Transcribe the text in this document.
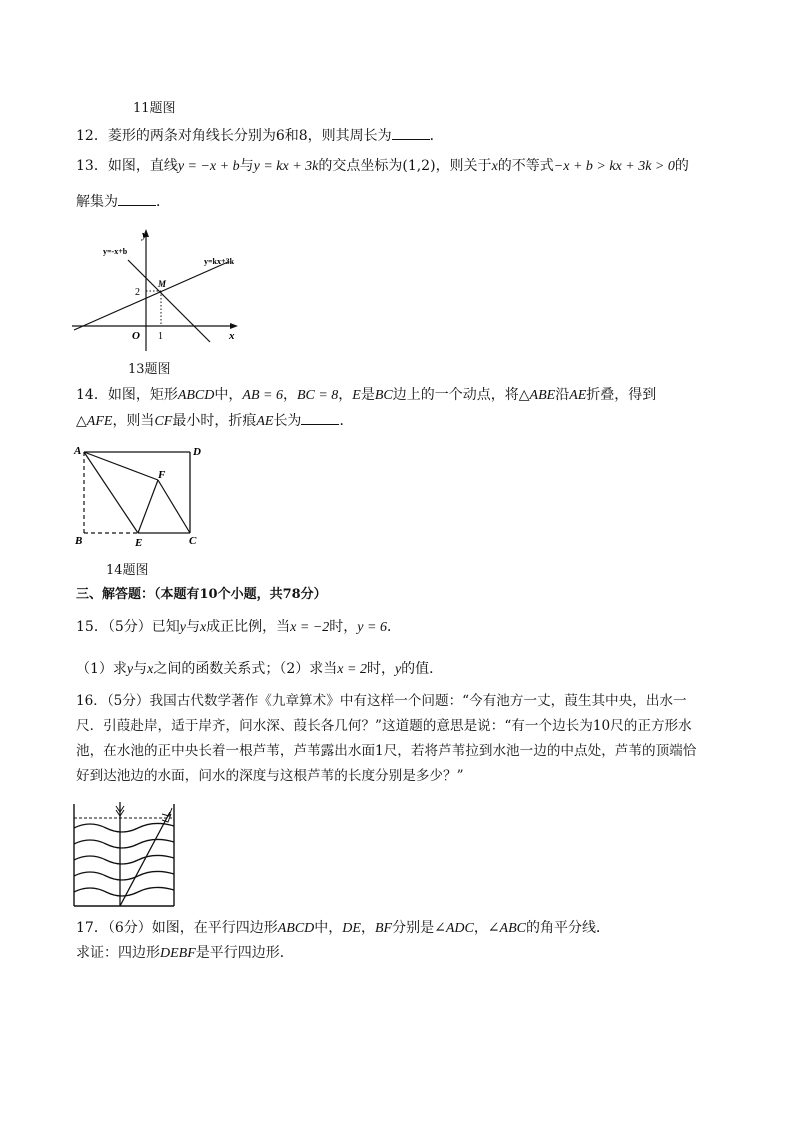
11题图
12．菱形的两条对角线长分别为6和8，则其周长为	．
13．如图，直线y = −x + b与y = kx + 3k的交点坐标为(1,2)，则关于x的不等式−x + b > kx + 3k > 0的
解集为	．
y
x
O 1
2
M
y=-x+b
y=kx+3k
13题图
14．如图，矩形ABCD中，AB = 6，BC = 8，E是BC边上的一个动点，将△ABE沿AE折叠，得到
△AFE，则当CF最小时，折痕AE长为	．
A	D
F
B	E	C
14题图
三、解答题：（本题有10个小题，共78分）
15．（5分）已知y与x成正比例，当x = −2时，y = 6．
（1）求y与x之间的函数关系式；（2）求当x = 2时，y的值．
16．（5分）我国古代数学著作《九章算术》中有这样一个问题：“今有池方一丈，葭生其中央，出水一
尺．引葭赴岸，适于岸齐，问水深、葭长各几何？”这道题的意思是说：“有一个边长为10尺的正方形水
池，在水池的正中央长着一根芦苇，芦苇露出水面1尺，若将芦苇拉到水池一边的中点处，芦苇的顶端恰
好到达池边的水面，问水的深度与这根芦苇的长度分别是多少？”
17．（6分）如图，在平行四边形ABCD中，DE，BF分别是∠ADC，∠ABC的角平分线．
求证：四边形DEBF是平行四边形．
